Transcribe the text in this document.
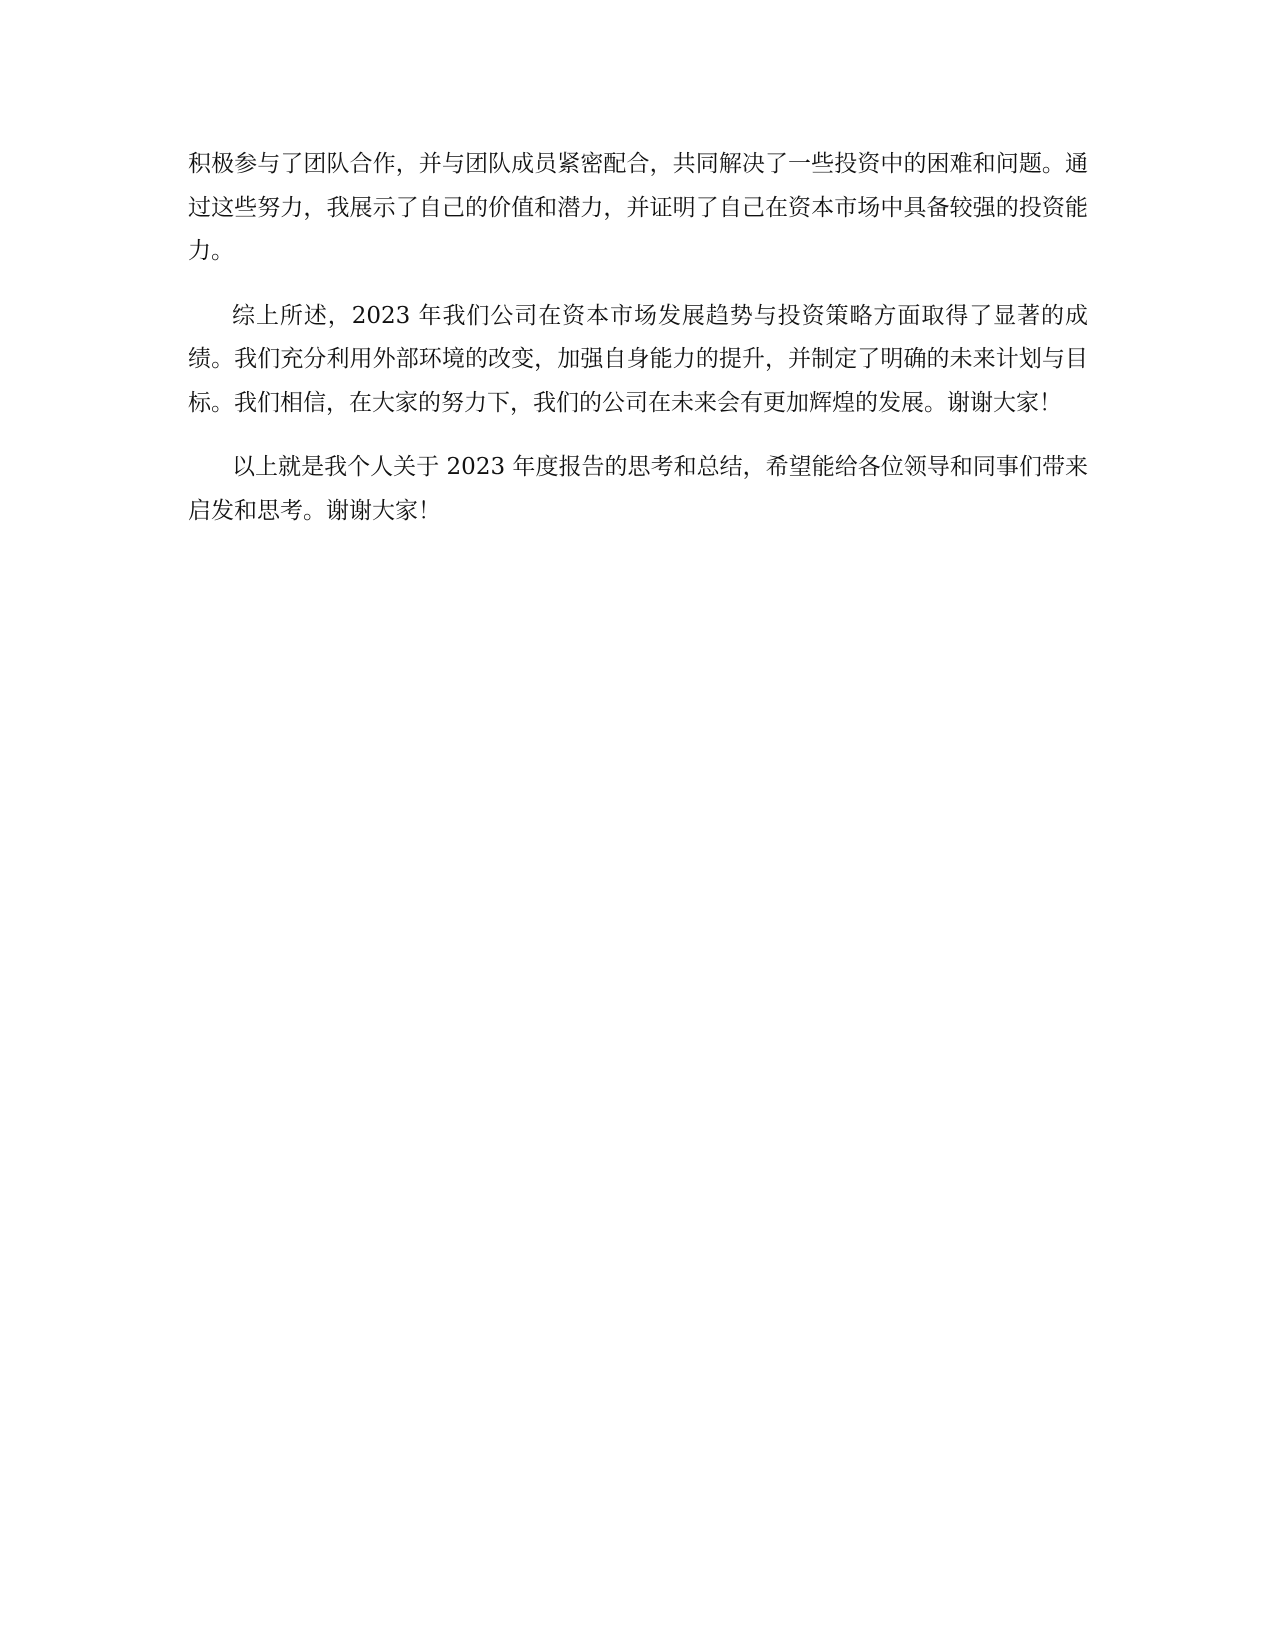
积极参与了团队合作，并与团队成员紧密配合，共同解决了一些投资中的困难和问题。通过这些努力，我展示了自己的价值和潜力，并证明了自己在资本市场中具备较强的投资能力。

综上所述，2023 年我们公司在资本市场发展趋势与投资策略方面取得了显著的成绩。我们充分利用外部环境的改变，加强自身能力的提升，并制定了明确的未来计划与目标。我们相信，在大家的努力下，我们的公司在未来会有更加辉煌的发展。谢谢大家！

以上就是我个人关于 2023 年度报告的思考和总结，希望能给各位领导和同事们带来启发和思考。谢谢大家！
